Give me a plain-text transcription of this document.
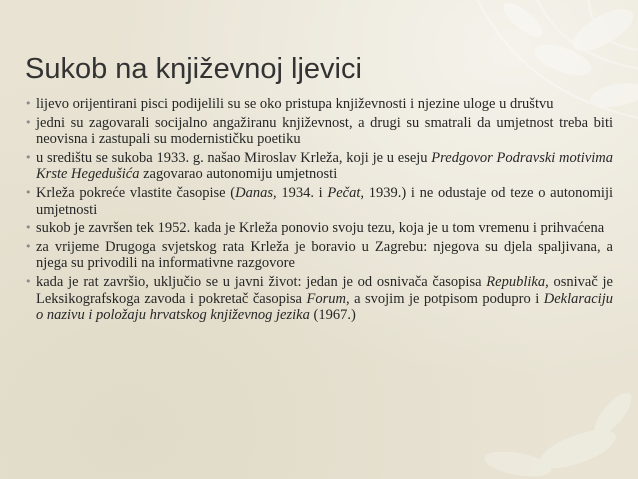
Sukob na književnoj ljevici
• lijevo orijentirani pisci podijelili su se oko pristupa književnosti i njezine uloge u društvu
• jedni su zagovarali socijalno angažiranu književnost, a drugi su smatrali da umjetnost treba biti neovisna i zastupali su modernističku poetiku
• u središtu se sukoba 1933. g. našao Miroslav Krleža, koji je u eseju Predgovor Podravski motivima Krste Hegedušića zagovarao autonomiju umjetnosti
• Krleža pokreće vlastite časopise (Danas, 1934. i Pečat, 1939.) i ne odustaje od teze o autonomiji umjetnosti
• sukob je završen tek 1952. kada je Krleža ponovio svoju tezu, koja je u tom vremenu i prihvaćena
• za vrijeme Drugoga svjetskog rata Krleža je boravio u Zagrebu: njegova su djela spaljivana, a njega su privodili na informativne razgovore
• kada je rat završio, uključio se u javni život: jedan je od osnivača časopisa Republika, osnivač je Leksikografskoga zavoda i pokretač časopisa Forum, a svojim je potpisom podupro i Deklaraciju o nazivu i položaju hrvatskog književnog jezika (1967.)
